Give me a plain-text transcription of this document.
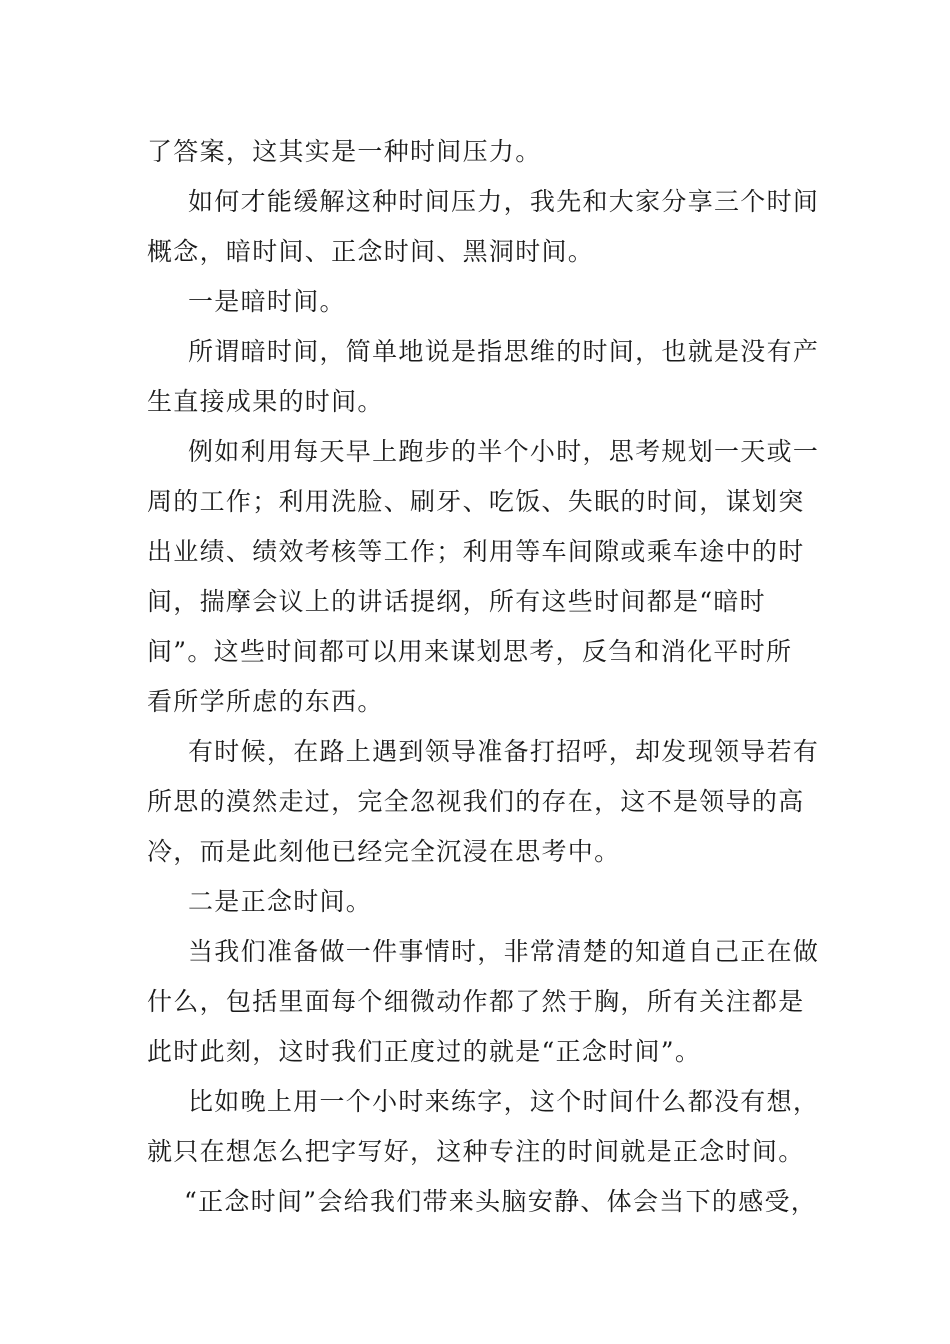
了答案，这其实是一种时间压力。
如何才能缓解这种时间压力，我先和大家分享三个时间
概念，暗时间、正念时间、黑洞时间。
一是暗时间。
所谓暗时间，简单地说是指思维的时间，也就是没有产
生直接成果的时间。
例如利用每天早上跑步的半个小时，思考规划一天或一
周的工作；利用洗脸、刷牙、吃饭、失眠的时间，谋划突
出业绩、绩效考核等工作；利用等车间隙或乘车途中的时
间，揣摩会议上的讲话提纲，所有这些时间都是“暗时
间”。这些时间都可以用来谋划思考，反刍和消化平时所
看所学所虑的东西。
有时候，在路上遇到领导准备打招呼，却发现领导若有
所思的漠然走过，完全忽视我们的存在，这不是领导的高
冷，而是此刻他已经完全沉浸在思考中。
二是正念时间。
当我们准备做一件事情时，非常清楚的知道自己正在做
什么，包括里面每个细微动作都了然于胸，所有关注都是
此时此刻，这时我们正度过的就是“正念时间”。
比如晚上用一个小时来练字，这个时间什么都没有想，
就只在想怎么把字写好，这种专注的时间就是正念时间。
“正念时间”会给我们带来头脑安静、体会当下的感受，
